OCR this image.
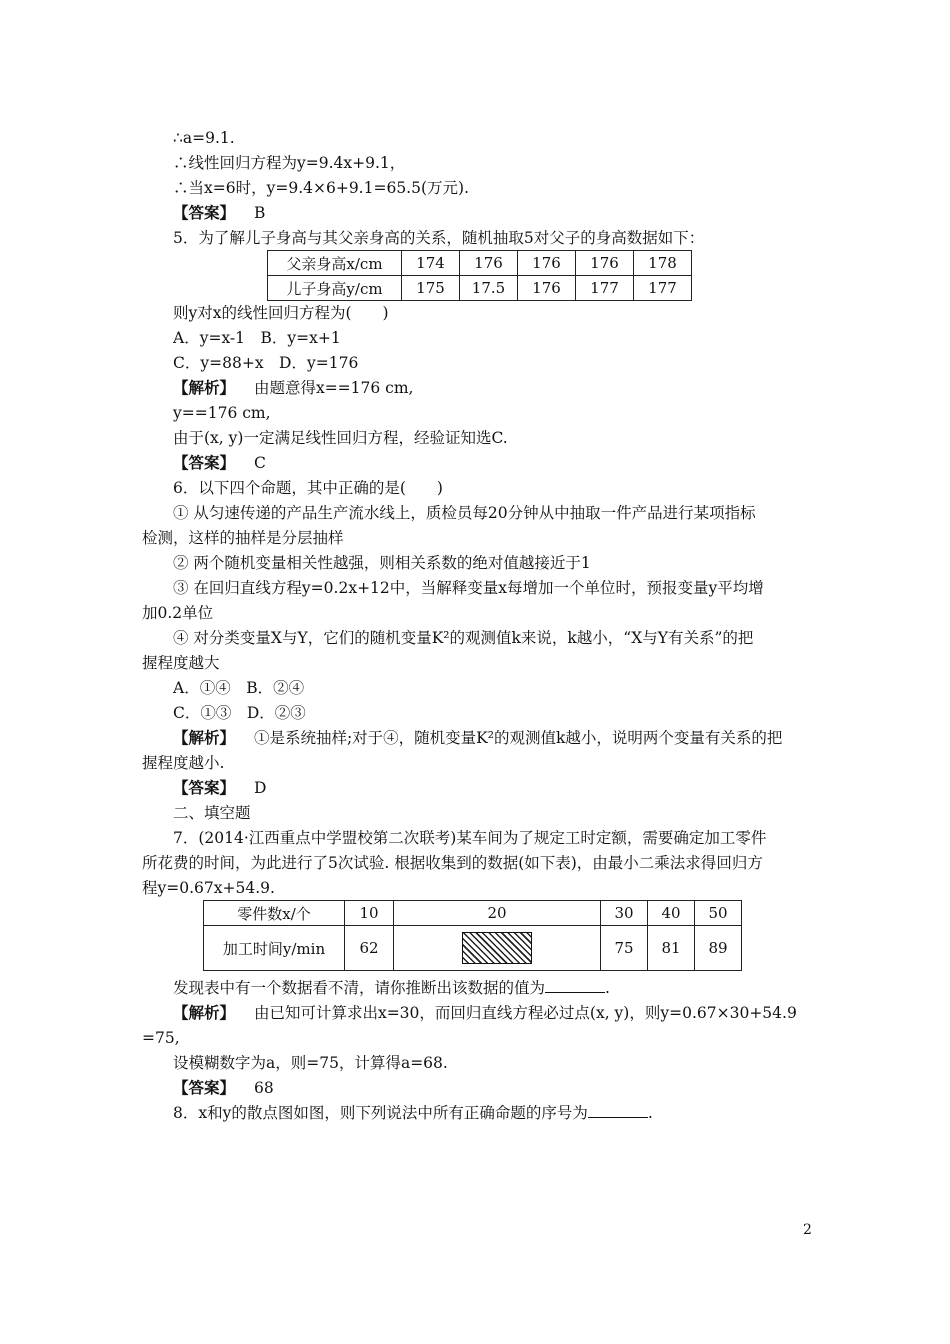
∴a=9.1.
∴线性回归方程为y=9.4x+9.1，
∴当x=6时，y=9.4×6+9.1=65.5(万元).
【答案】 B
5．为了解儿子身高与其父亲身高的关系，随机抽取5对父子的身高数据如下：
父亲身高x/cm	174	176	176	176	178
儿子身高y/cm	175	17.5	176	177	177
则y对x的线性回归方程为(　　)
A．y=x-1　B．y=x+1
C．y=88+x　D．y=176
【解析】 由题意得x==176 cm,
y==176 cm,
由于(x, y)一定满足线性回归方程，经验证知选C.
【答案】 C
6．以下四个命题，其中正确的是(　　)
① 从匀速传递的产品生产流水线上，质检员每20分钟从中抽取一件产品进行某项指标
检测，这样的抽样是分层抽样
② 两个随机变量相关性越强，则相关系数的绝对值越接近于1
③ 在回归直线方程y=0.2x+12中，当解释变量x每增加一个单位时，预报变量y平均增
加0.2单位
④ 对分类变量X与Y，它们的随机变量K²的观测值k来说，k越小，“X与Y有关系”的把
握程度越大
A．①④　B．②④
C．①③　D．②③
【解析】 ①是系统抽样;对于④，随机变量K²的观测值k越小，说明两个变量有关系的把
握程度越小.
【答案】 D
二、填空题
7．(2014·江西重点中学盟校第二次联考)某车间为了规定工时定额，需要确定加工零件
所花费的时间，为此进行了5次试验. 根据收集到的数据(如下表)，由最小二乘法求得回归方
程y=0.67x+54.9.
零件数x/个	10	20	30	40	50
加工时间y/min	62		75	81	89
发现表中有一个数据看不清，请你推断出该数据的值为	.
【解析】 由已知可计算求出x=30，而回归直线方程必过点(x, y)，则y=0.67×30+54.9
=75,
设模糊数字为a，则=75，计算得a=68.
【答案】 68
8．x和y的散点图如图，则下列说法中所有正确命题的序号为	.
2
